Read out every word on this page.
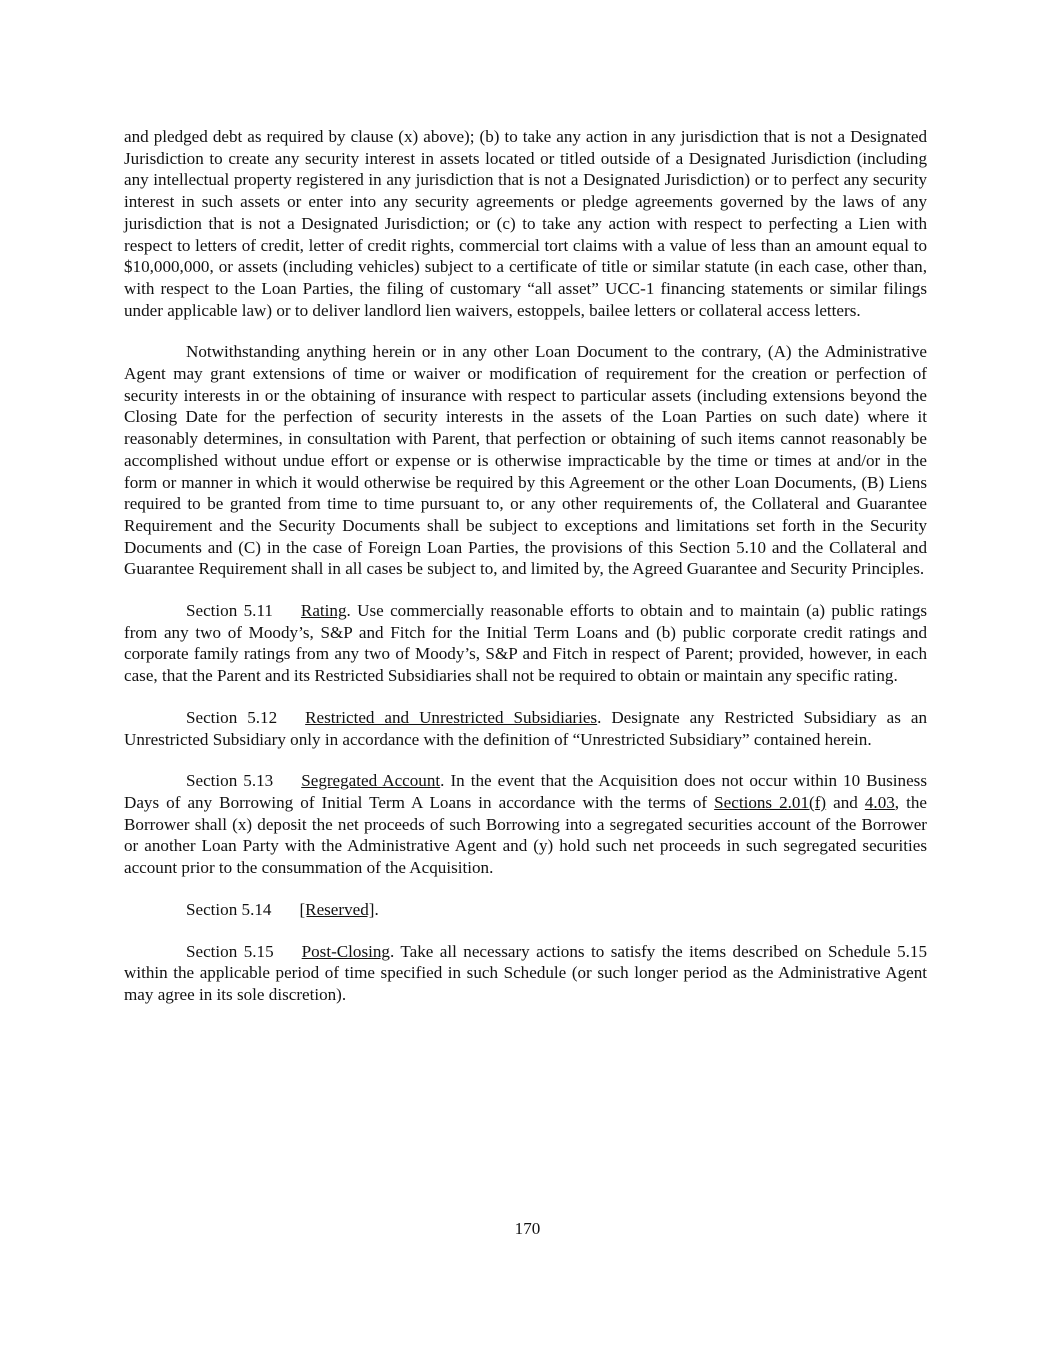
and pledged debt as required by clause (x) above); (b) to take any action in any jurisdiction that is not a Designated Jurisdiction to create any security interest in assets located or titled outside of a Designated Jurisdiction (including any intellectual property registered in any jurisdiction that is not a Designated Jurisdiction) or to perfect any security interest in such assets or enter into any security agreements or pledge agreements governed by the laws of any jurisdiction that is not a Designated Jurisdiction; or (c) to take any action with respect to perfecting a Lien with respect to letters of credit, letter of credit rights, commercial tort claims with a value of less than an amount equal to $10,000,000, or assets (including vehicles) subject to a certificate of title or similar statute (in each case, other than, with respect to the Loan Parties, the filing of customary “all asset” UCC-1 financing statements or similar filings under applicable law) or to deliver landlord lien waivers, estoppels, bailee letters or collateral access letters.

Notwithstanding anything herein or in any other Loan Document to the contrary, (A) the Administrative Agent may grant extensions of time or waiver or modification of requirement for the creation or perfection of security interests in or the obtaining of insurance with respect to particular assets (including extensions beyond the Closing Date for the perfection of security interests in the assets of the Loan Parties on such date) where it reasonably determines, in consultation with Parent, that perfection or obtaining of such items cannot reasonably be accomplished without undue effort or expense or is otherwise impracticable by the time or times at and/or in the form or manner in which it would otherwise be required by this Agreement or the other Loan Documents, (B) Liens required to be granted from time to time pursuant to, or any other requirements of, the Collateral and Guarantee Requirement and the Security Documents shall be subject to exceptions and limitations set forth in the Security Documents and (C) in the case of Foreign Loan Parties, the provisions of this Section 5.10 and the Collateral and Guarantee Requirement shall in all cases be subject to, and limited by, the Agreed Guarantee and Security Principles.

Section 5.11 Rating. Use commercially reasonable efforts to obtain and to maintain (a) public ratings from any two of Moody’s, S&P and Fitch for the Initial Term Loans and (b) public corporate credit ratings and corporate family ratings from any two of Moody’s, S&P and Fitch in respect of Parent; provided, however, in each case, that the Parent and its Restricted Subsidiaries shall not be required to obtain or maintain any specific rating.

Section 5.12 Restricted and Unrestricted Subsidiaries. Designate any Restricted Subsidiary as an Unrestricted Subsidiary only in accordance with the definition of “Unrestricted Subsidiary” contained herein.

Section 5.13 Segregated Account. In the event that the Acquisition does not occur within 10 Business Days of any Borrowing of Initial Term A Loans in accordance with the terms of Sections 2.01(f) and 4.03, the Borrower shall (x) deposit the net proceeds of such Borrowing into a segregated securities account of the Borrower or another Loan Party with the Administrative Agent and (y) hold such net proceeds in such segregated securities account prior to the consummation of the Acquisition.

Section 5.14 [Reserved].

Section 5.15 Post-Closing. Take all necessary actions to satisfy the items described on Schedule 5.15 within the applicable period of time specified in such Schedule (or such longer period as the Administrative Agent may agree in its sole discretion).

170
